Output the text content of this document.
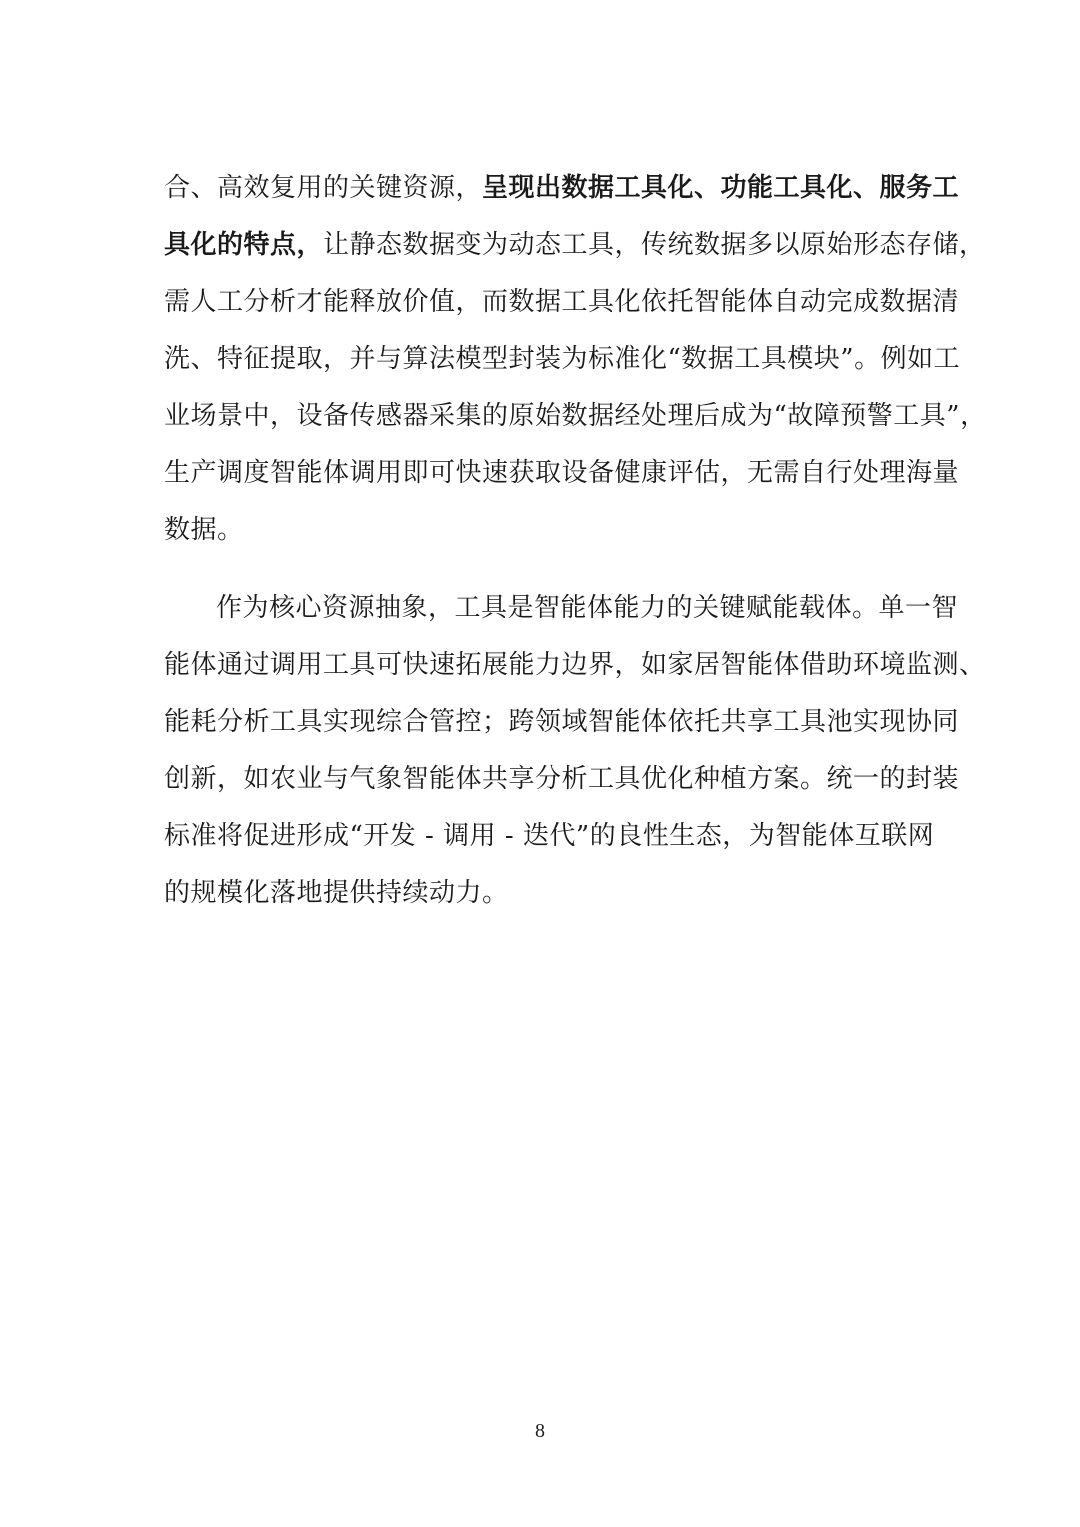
合、高效复用的关键资源，呈现出数据工具化、功能工具化、服务工
具化的特点，让静态数据变为动态工具，传统数据多以原始形态存储，
需人工分析才能释放价值，而数据工具化依托智能体自动完成数据清
洗、特征提取，并与算法模型封装为标准化“数据工具模块”。例如工
业场景中，设备传感器采集的原始数据经处理后成为“故障预警工具”，
生产调度智能体调用即可快速获取设备健康评估，无需自行处理海量
数据。
作为核心资源抽象，工具是智能体能力的关键赋能载体。单一智
能体通过调用工具可快速拓展能力边界，如家居智能体借助环境监测、
能耗分析工具实现综合管控；跨领域智能体依托共享工具池实现协同
创新，如农业与气象智能体共享分析工具优化种植方案。统一的封装
标准将促进形成“开发 - 调用 - 迭代”的良性生态，为智能体互联网
的规模化落地提供持续动力。
8
